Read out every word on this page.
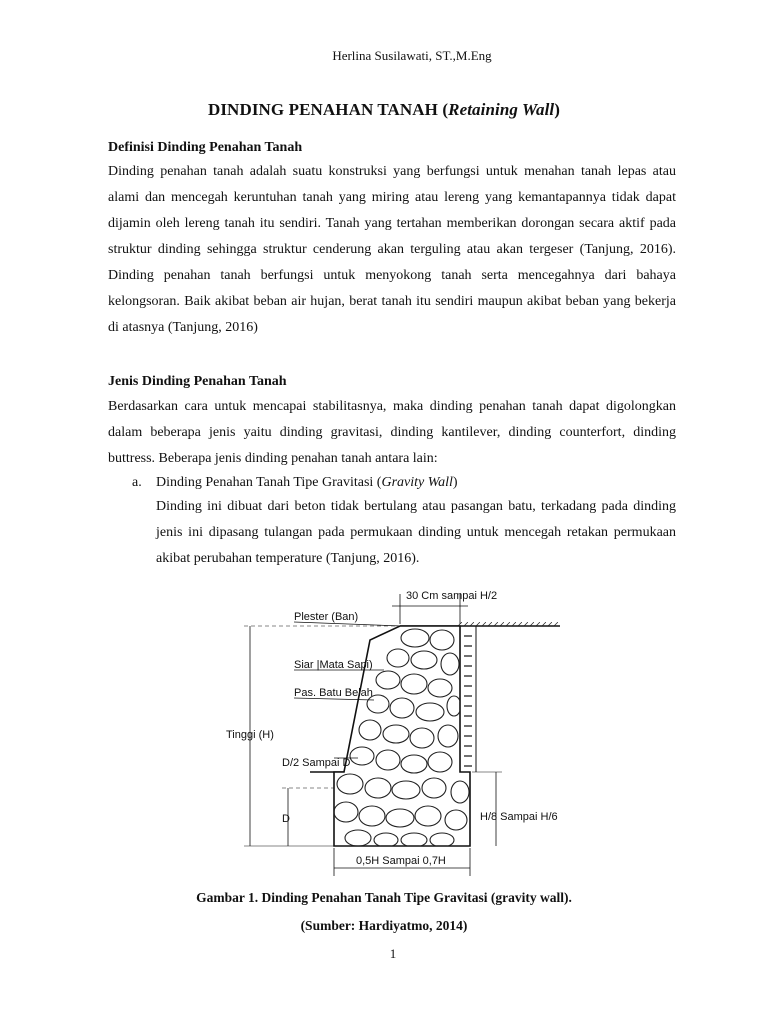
Herlina Susilawati, ST.,M.Eng
DINDING PENAHAN TANAH (Retaining Wall)
Definisi Dinding Penahan Tanah
Dinding penahan tanah adalah suatu konstruksi yang berfungsi untuk menahan tanah lepas atau alami dan mencegah keruntuhan tanah yang miring atau lereng yang kemantapannya tidak dapat dijamin oleh lereng tanah itu sendiri. Tanah yang tertahan memberikan dorongan secara aktif pada struktur dinding sehingga struktur cenderung akan terguling atau akan tergeser (Tanjung, 2016). Dinding penahan tanah berfungsi untuk menyokong tanah serta mencegahnya dari bahaya kelongsoran. Baik akibat beban air hujan, berat tanah itu sendiri maupun akibat beban yang bekerja di atasnya (Tanjung, 2016)
Jenis Dinding Penahan Tanah
Berdasarkan cara untuk mencapai stabilitasnya, maka dinding penahan tanah dapat digolongkan dalam beberapa jenis yaitu dinding gravitasi, dinding kantilever, dinding counterfort, dinding buttress. Beberapa jenis dinding penahan tanah antara lain:
a. Dinding Penahan Tanah Tipe Gravitasi (Gravity Wall)
Dinding ini dibuat dari beton tidak bertulang atau pasangan batu, terkadang pada dinding jenis ini dipasang tulangan pada permukaan dinding untuk mencegah retakan permukaan akibat perubahan temperature (Tanjung, 2016).
30 Cm sampai H/2
Tinggi (H)
D	H/8 Sampai H/6
0,5H Sampai 0,7H
D/2 Sampai D
Plester (Ban)
Siar |Mata Sapi)
Pas. Batu Belah
Gambar 1. Dinding Penahan Tanah Tipe Gravitasi (gravity wall).
(Sumber: Hardiyatmo, 2014)
1
